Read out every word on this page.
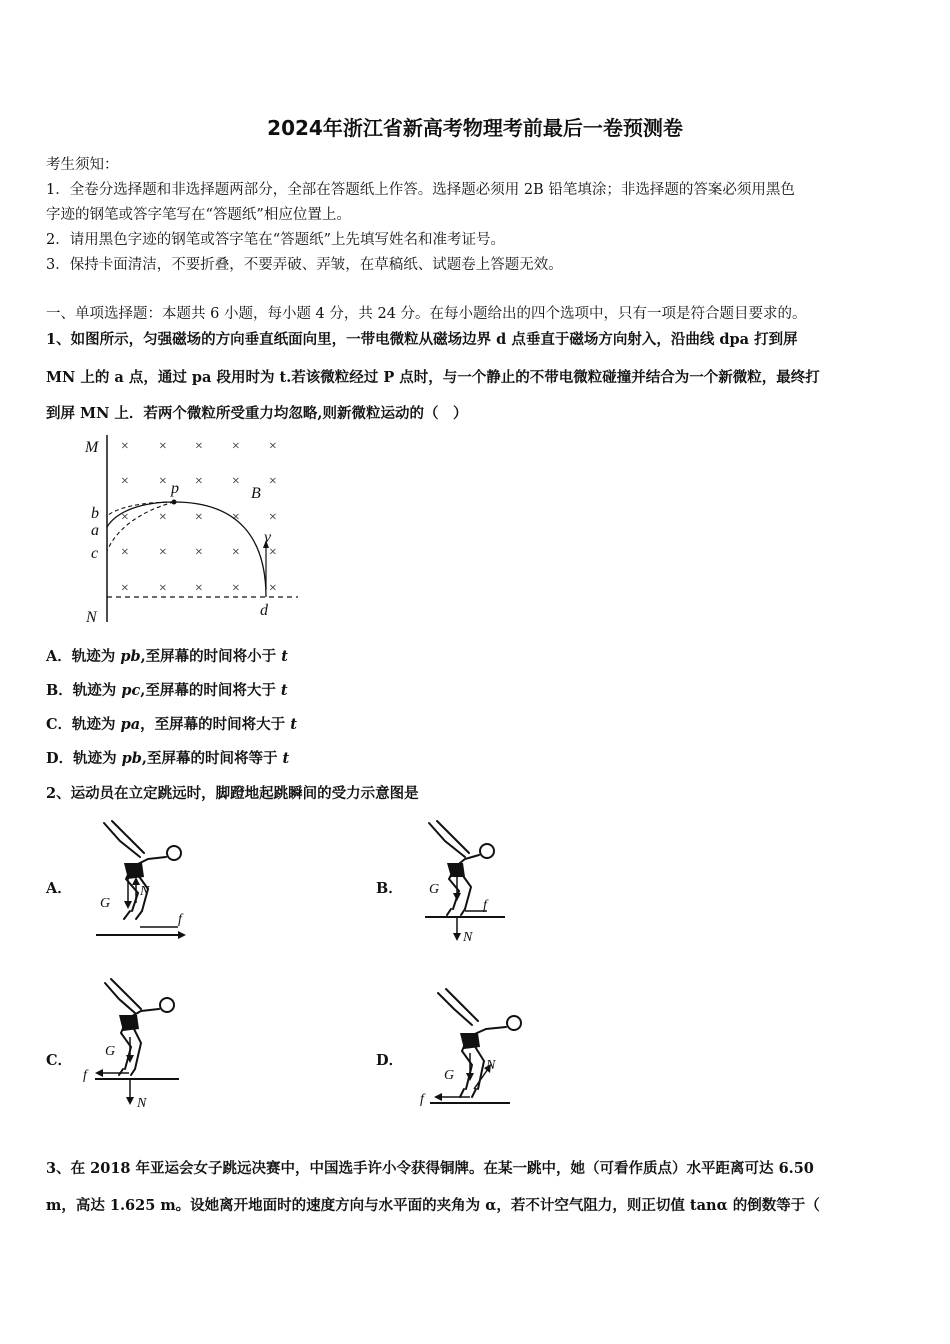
2024年浙江省新高考物理考前最后一卷预测卷
考生须知：
1．全卷分选择题和非选择题两部分，全部在答题纸上作答。选择题必须用 2B 铅笔填涂；非选择题的答案必须用黑色
字迹的钢笔或答字笔写在“答题纸”相应位置上。
2．请用黑色字迹的钢笔或答字笔在“答题纸”上先填写姓名和准考证号。
3．保持卡面清洁，不要折叠，不要弄破、弄皱，在草稿纸、试题卷上答题无效。
一、单项选择题：本题共 6 小题，每小题 4 分，共 24 分。在每小题给出的四个选项中，只有一项是符合题目要求的。
1、如图所示，匀强磁场的方向垂直纸面向里，一带电微粒从磁场边界 d 点垂直于磁场方向射入，沿曲线 dpa 打到屏
MN 上的 a 点，通过 pa 段用时为 t.若该微粒经过 P 点时，与一个静止的不带电微粒碰撞并结合为一个新微粒，最终打
到屏 MN 上．若两个微粒所受重力均忽略,则新微粒运动的（　）
× × × × ×
× × × × ×
× × × × ×
× × × × ×
× × × × ×
M
b
a
c
N
p	B
v
d
A．轨迹为 pb,至屏幕的时间将小于 t
B．轨迹为 pc,至屏幕的时间将大于 t
C．轨迹为 pa，至屏幕的时间将大于 t
D．轨迹为 pb,至屏幕的时间将等于 t
2、运动员在立定跳远时，脚蹬地起跳瞬间的受力示意图是
A．
G
N
f
B． G
N
f
C．
G
N
f
D．
G
N
f
3、在 2018 年亚运会女子跳远决赛中，中国选手许小令获得铜牌。在某一跳中，她（可看作质点）水平距离可达 6.50
m，高达 1.625 m。设她离开地面时的速度方向与水平面的夹角为 α，若不计空气阻力，则正切值 tanα 的倒数等于（
